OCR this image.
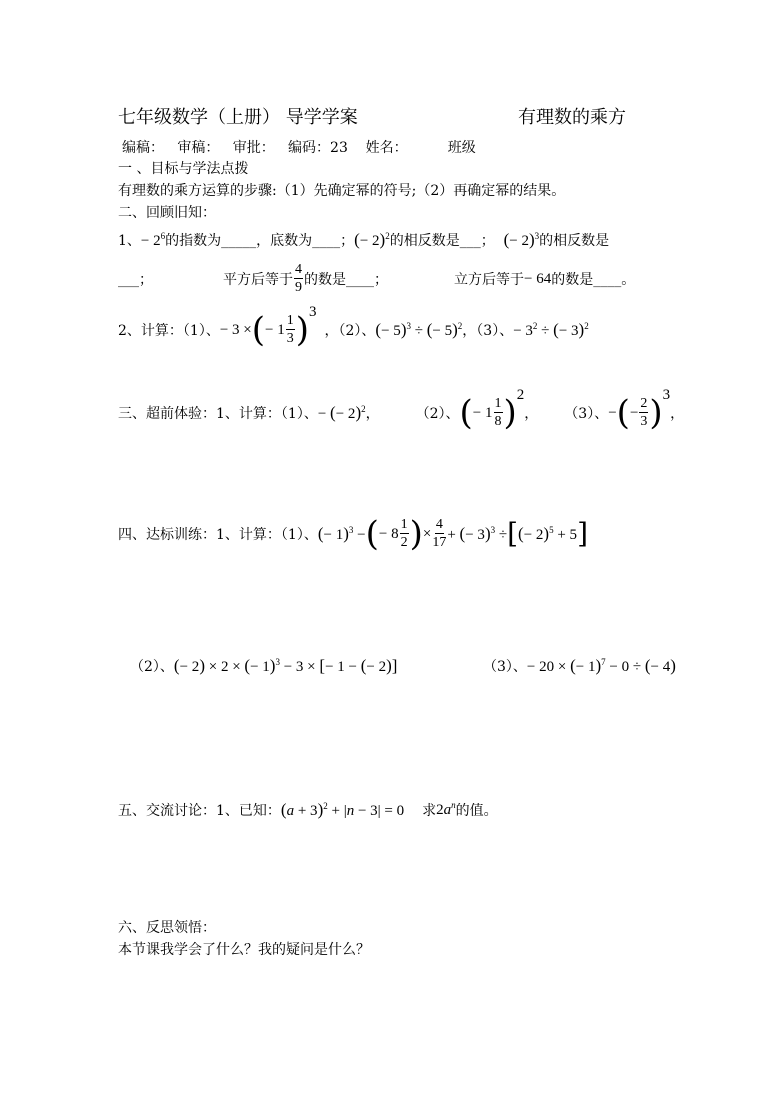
七年级数学（上册） 导学学案	有理数的乘方
编稿：   审稿：   审批：   编码：23    姓名：         班级
一 、目标与学法点拨
有理数的乘方运算的步骤:（1）先确定幂的符号;（2）再确定幂的结果。
二、回顾旧知：
1、− $2^6$的指数为_____，底数为____；(− 2)$^2$的相反数是___； (− 2)$^3$的相反数是
___；	平方后等于 $\frac{4}{9}$ 的数是____；	立方后等于 − 64 的数是____。
2、计算：（1）、 − 3 × ( − $1 \frac{1}{3}$ ) 3
，（2）、 (− 5)$^3$ ÷ (− 5)$^2$ ，（3）、 − $3^2$ ÷ (− 3)$^2$
三、超前体验：1、计算：（1）、 − (− 2)$^2$ ，	（2）、 ( − $1 \frac{1}{8}$ ) 2
， （3）、 − ( − $\frac{2}{3}$ ) 3
，
四、达标训练：1、计算：（1）、 (− 1)$^3$ − ( − $8 \frac{1}{2}$ ) × $\frac{4}{17}$ + (− 3)$^3$ ÷ [ (− 2)$^5$ + 5 ]
（2）、 (− 2) × 2 × (− 1)$^3$ − 3 × [− 1 − (− 2)]	（3）、 − 20 × (− 1)$^7$ − 0 ÷ (− 4)
五、交流讨论：1、已知： $(a + 3)^2 + |n - 3| = 0$ 求 $2a^n$ 的值。
六、反思领悟：
本节课我学会了什么？我的疑问是什么？
